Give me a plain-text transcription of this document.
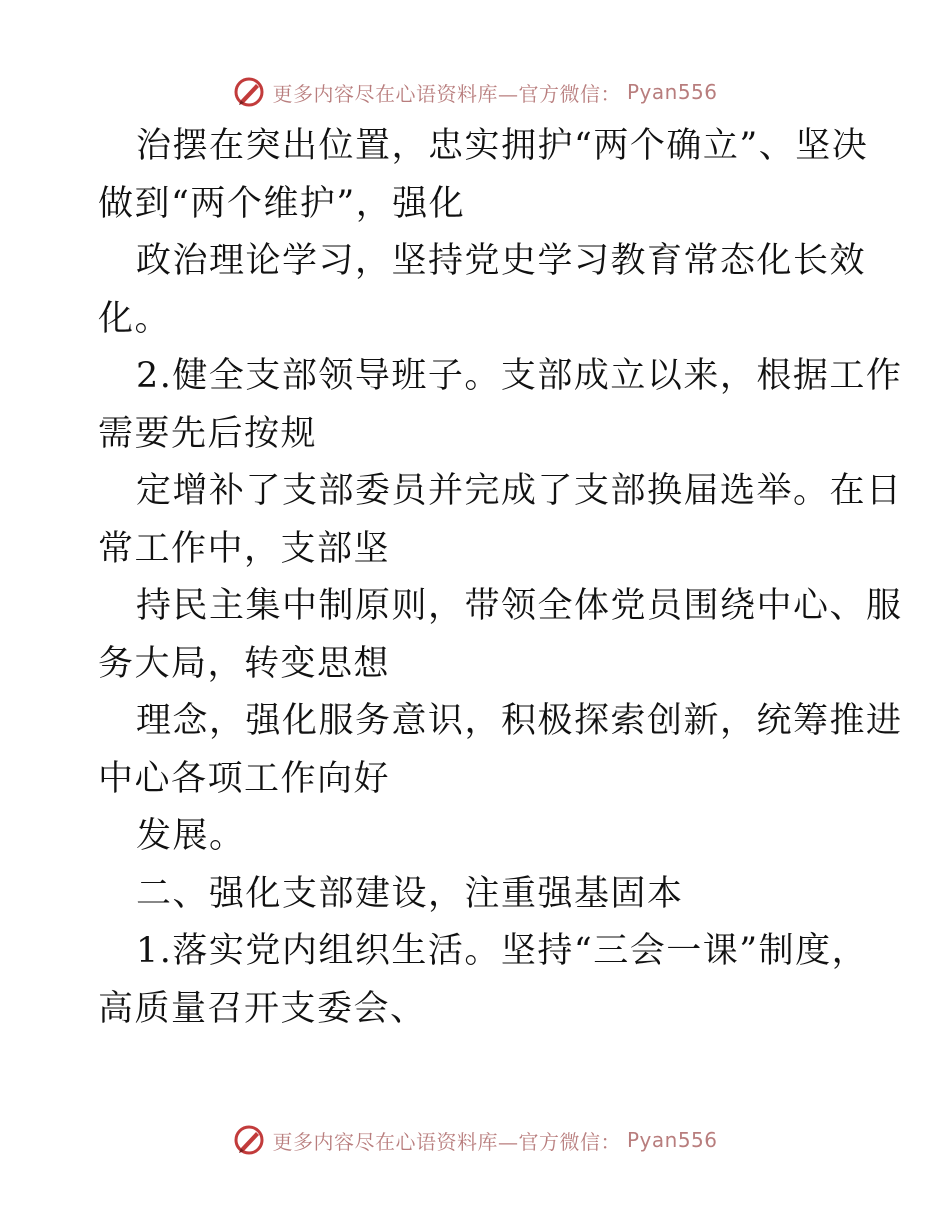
更多内容尽在心语资料库—官方微信： Pyan556

治摆在突出位置，忠实拥护“两个确立”、坚决

做到“两个维护”，强化

政治理论学习，坚持党史学习教育常态化长效

化。

2.健全支部领导班子。支部成立以来，根据工作

需要先后按规

定增补了支部委员并完成了支部换届选举。在日

常工作中，支部坚

持民主集中制原则，带领全体党员围绕中心、服

务大局，转变思想

理念，强化服务意识，积极探索创新，统筹推进

中心各项工作向好

发展。

二、强化支部建设，注重强基固本

1.落实党内组织生活。坚持“三会一课”制度，

高质量召开支委会、

更多内容尽在心语资料库—官方微信： Pyan556
